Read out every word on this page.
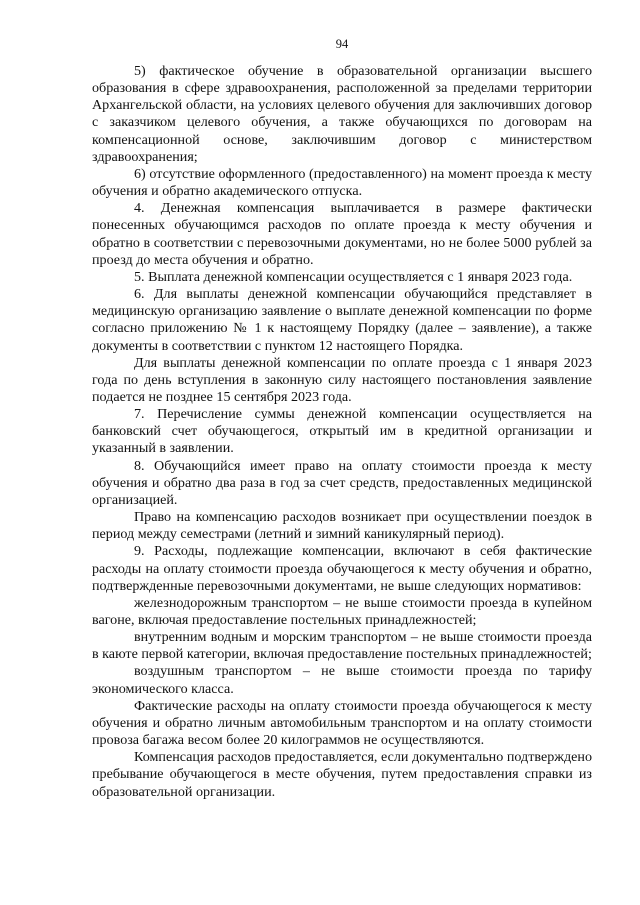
94

5) фактическое обучение в образовательной организации высшего образования в сфере здравоохранения, расположенной за пределами территории Архангельской области, на условиях целевого обучения для заключивших договор с заказчиком целевого обучения, а также обучающихся по договорам на компенсационной основе, заключившим договор с министерством здравоохранения;

6) отсутствие оформленного (предоставленного) на момент проезда к месту обучения и обратно академического отпуска.

4. Денежная компенсация выплачивается в размере фактически понесенных обучающимся расходов по оплате проезда к месту обучения и обратно в соответствии с перевозочными документами, но не более 5000 рублей за проезд до места обучения и обратно.

5. Выплата денежной компенсации осуществляется с 1 января 2023 года.

6. Для выплаты денежной компенсации обучающийся представляет в медицинскую организацию заявление о выплате денежной компенсации по форме согласно приложению № 1 к настоящему Порядку (далее – заявление), а также документы в соответствии с пунктом 12 настоящего Порядка.

Для выплаты денежной компенсации по оплате проезда с 1 января 2023 года по день вступления в законную силу настоящего постановления заявление подается не позднее 15 сентября 2023 года.

7. Перечисление суммы денежной компенсации осуществляется на банковский счет обучающегося, открытый им в кредитной организации и указанный в заявлении.

8. Обучающийся имеет право на оплату стоимости проезда к месту обучения и обратно два раза в год за счет средств, предоставленных медицинской организацией.

Право на компенсацию расходов возникает при осуществлении поездок в период между семестрами (летний и зимний каникулярный период).

9. Расходы, подлежащие компенсации, включают в себя фактические расходы на оплату стоимости проезда обучающегося к месту обучения и обратно, подтвержденные перевозочными документами, не выше следующих нормативов:

железнодорожным транспортом – не выше стоимости проезда в купейном вагоне, включая предоставление постельных принадлежностей;

внутренним водным и морским транспортом – не выше стоимости проезда в каюте первой категории, включая предоставление постельных принадлежностей;

воздушным транспортом – не выше стоимости проезда по тарифу экономического класса.

Фактические расходы на оплату стоимости проезда обучающегося к месту обучения и обратно личным автомобильным транспортом и на оплату стоимости провоза багажа весом более 20 килограммов не осуществляются.

Компенсация расходов предоставляется, если документально подтверждено пребывание обучающегося в месте обучения, путем предоставления справки из образовательной организации.
